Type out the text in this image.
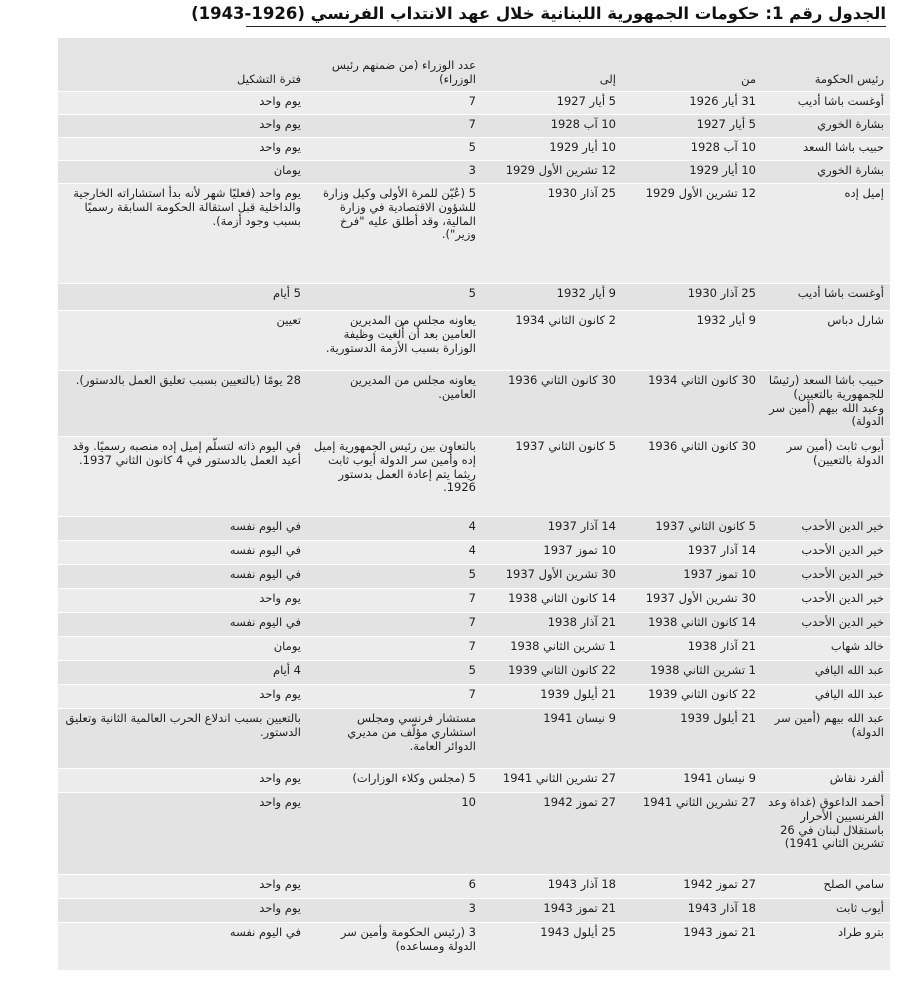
الجدول رقم 1: حكومات الجمهورية اللبنانية خلال عهد الانتداب الفرنسي (1926-1943)
رئيس الحكومة	من	إلى	عدد الوزراء (من ضمنهم رئيس الوزراء)	فترة التشكيل
أوغست باشا أديب	31 أيار 1926	5 أيار 1927	7	يوم واحد
بشارة الخوري	5 أيار 1927	10 آب 1928	7	يوم واحد
حبيب باشا السعد	10 آب 1928	10 أيار 1929	5	يوم واحد
بشارة الخوري	10 أيار 1929	12 تشرين الأول 1929	3	يومان
إميل إده	12 تشرين الأول 1929	25 آذار 1930	5 (عُيّن للمرة الأولى وكيل وزارة للشؤون الاقتصادية في وزارة المالية، وقد أطلق عليه "فرخ وزير").	يوم واحد (فعليًا شهر لأنه بدأ استشاراته الخارجية والداخلية قبل استقالة الحكومة السابقة رسميًا بسبب وجود أزمة).
أوغست باشا أديب	25 آذار 1930	9 أيار 1932	5	5 أيام
شارل دباس	9 أيار 1932	2 كانون الثاني 1934	يعاونه مجلس من المديرين العامين بعد أن أُلغيت وظيفة الوزارة بسبب الأزمة الدستورية.	تعيين
حبيب باشا السعد (رئيسًا للجمهورية بالتعيين) وعبد الله بيهم (أمين سر الدولة)	30 كانون الثاني 1934	30 كانون الثاني 1936	يعاونه مجلس من المديرين العامين.	28 يومًا (بالتعيين بسبب تعليق العمل بالدستور).
أيوب ثابت (أمين سر الدولة بالتعيين)	30 كانون الثاني 1936	5 كانون الثاني 1937	بالتعاون بين رئيس الجمهورية إميل إده وأمين سر الدولة أيوب ثابت ريثما يتم إعادة العمل بدستور 1926.	في اليوم ذاته لتسلّم إميل إده منصبه رسميًا. وقد أعيد العمل بالدستور في 4 كانون الثاني 1937.
خير الدين الأحدب	5 كانون الثاني 1937	14 آذار 1937	4	في اليوم نفسه
خير الدين الأحدب	14 آذار 1937	10 تموز 1937	4	في اليوم نفسه
خير الدين الأحدب	10 تموز 1937	30 تشرين الأول 1937	5	في اليوم نفسه
خير الدين الأحدب	30 تشرين الأول 1937	14 كانون الثاني 1938	7	يوم واحد
خير الدين الأحدب	14 كانون الثاني 1938	21 آذار 1938	7	في اليوم نفسه
خالد شهاب	21 آذار 1938	1 تشرين الثاني 1938	7	يومان
عبد الله اليافي	1 تشرين الثاني 1938	22 كانون الثاني 1939	5	4 أيام
عبد الله اليافي	22 كانون الثاني 1939	21 أيلول 1939	7	يوم واحد
عبد الله بيهم (أمين سر الدولة)	21 أيلول 1939	9 نيسان 1941	مستشار فرنسي ومجلس استشاري مؤلّف من مديري الدوائر العامة.	بالتعيين بسبب اندلاع الحرب العالمية الثانية وتعليق الدستور.
ألفرد نقاش	9 نيسان 1941	27 تشرين الثاني 1941	5 (مجلس وكلاء الوزارات)	يوم واحد
أحمد الداعوق (غداة وعد الفرنسيين الأحرار باستقلال لبنان في 26 تشرين الثاني 1941)	27 تشرين الثاني 1941	27 تموز 1942	10	يوم واحد
سامي الصلح	27 تموز 1942	18 آذار 1943	6	يوم واحد
أيوب ثابت	18 آذار 1943	21 تموز 1943	3	يوم واحد
بترو طراد	21 تموز 1943	25 أيلول 1943	3 (رئيس الحكومة وأمين سر الدولة ومساعده)	في اليوم نفسه
